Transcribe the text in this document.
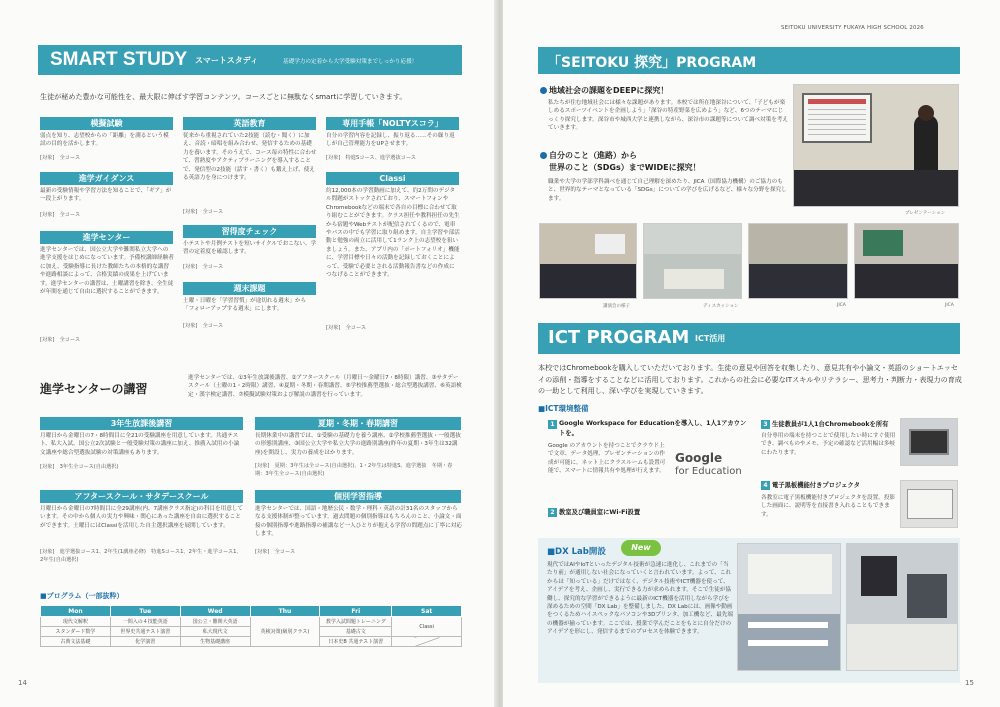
SMART STUDY スマートスタディ	基礎学力の定着から大学受験対策までしっかり応援！
生徒が秘めた豊かな可能性を、最大限に伸ばす学習コンテンツ。コースごとに無駄なくsmartに学習していきます。
模擬試験
弱点を知り、志望校からの「距離」を測るという模試の目的を活かします。
[対象]　全コース
進学ガイダンス
最新の受験情報や学習方法を知ることで、「ギア」が一段上がります。
[対象]　全コース
進学センター
進学センターでは、国公立大学や難関私立大学への進学支援をはじめになっています。予備校講師経験者に加え、受験指導に長けた教師たちの本格的な講習や進路相談によって、合格実績の成果を上げています。進学センターの講習は、土曜講習を除き、全生徒が年間を通じて自由に選択することができます。
[対象]　全コース
英語教育
従来から重視されていた2技能（読む・聞く）に加え、音読・暗唱を組み合わせ、発信するための基礎力を養います。そのうえで、コース毎の特性に合わせて、習熟度やアクティブラーニングを導入することで、発信型の2技能（話す・書く）も鍛え上げ、使える英語力を身につけます。
[対象]　全コース
習得度チェック
小テストや月例テストを短いサイクルでおこない、学習の定着度を確認します。
[対象]　全コース
週末課題
土曜・日曜を「学習習慣」が途切れる週末」から「フォローアップする週末」にします。
[対象]　全コース
専用手帳「NOLTYスコラ」
自分の学習内容を記録し、振り返る……その繰り返しが自己管理能力をUPさせます。
[対象]　特進Sコース、進学選抜コース
Classi
約12,000本の学習動画に加えて、約2万問のデジタル問題がストックされており、スマートフォンやChromebookなどの端末で各自の目標に合わせて取り組むことができます。クラス担任や教科担任の先生から宿題やWebテストが配信されてくるので、電車やバスの中でも学習に取り組めます。自主学習や部活動と勉強の両立に活用して1ランク上の志望校を狙いましょう。また、アプリ内の「ポートフォリオ」機能に、学習目標や日々の活動を記録しておくことによって、受験で必要とされる活動報告書などの作成につなげることができます。
[対象]　全コース
進学センターの講習
進学センターでは、①3年生放課後講習、②アフタースクール（月曜日～金曜日7・8時限）講習、③サタデースクール（土曜の1・2時限）講習、④夏期・冬期・春期講習、⑤学校推薦型選抜・総合型選抜講習、⑥英語検定・漢字検定講習、⑦模擬試験対策および解説の講習を行っています。
3年生放課後講習
月曜日から金曜日の7・8時間目に全21の受験講座を用意しています。共通テスト、私大入試、国公立2次試験と一般受験対策の講座に加え、推薦入試用の小論文講座や総合型選抜試験の対策講座もあります。
[対象]　3年生全コース(自由選択)
アフタースクール・サタデースクール
月曜日から金曜日の7時間目に全29講座(内、7講座クラス指定)の科目を用意しています。その中から個人の実力や興味・関心にあった講座を自由に選択することができます。土曜日にはClassiを活用した自主選択講座を展開しています。
[対象]　進学選抜コース1、2年生(1講座必修)　特進Sコース1、2年生・進学コース1、2年生(自由選択)
夏期・冬期・春期講習
長期休業中の講習では、①受験の基礎力を養う講座、②学校推薦型選抜・一般選抜の形態別講座、③国公立大学や私立大学の進路別講座(昨年の夏期・3年生は32講座)を開設し、実力の養成をはかります。
[対象]　夏期：3年生は全コース(自由選択)、1・2年生は特進S、進学選抜　冬期・春期：3年生全コース(自由選択)
個別学習指導
進学センターでは、国語・地歴公民・数学・理科・英語の計31名のスタッフからなる支援体制が整っています。過去問題の個別指導はもちろんのこと、小論文・面接の個別指導や進路指導の補講など一人ひとりが抱える学習の問題点に丁寧に対応します。
[対象]　全コース
■プログラム（一部抜粋）
Mon	Tue	Wed	Thu	Fri	Sat
現代文解釈	一問入の４技能英語	国公立・難関大英語	英検対策(級別クラス)	教学入試問題トレーニング	Classi
スタンダード数学	世界史共通テスト演習	私大現代文		基礎古文	
古典文法基礎	化学演習	生物基礎講座		日本史B 共通テスト演習	
14
SEITOKU UNIVERSITY FUKAYA HIGH SCHOOL 2026
「SEITOKU 探究」PROGRAM
地域社会の課題をDEEPに探究！
私たちが住む地域社会には様々な課題があります。本校では所在地深谷について、「子どもが楽しめるスポーツイベントを企画しよう」「深谷の特産野菜を広めよう」など、6つのテーマにじっくり探究します。深谷市や城西大学と連携しながら、深谷市の課題等について調べ対策を考えていきます。
自分のこと（進路）から
世界のこと（SDGs）までWIDEに探究！
職業や大学の学部学科調べを通じて自己理解を深めたり、JICA（国際協力機構）のご協力のもと、世界的なテーマとなっている「SDGs」についての学びを広げるなど、様々な分野を探究します。
プレゼンテーション
講演会の様子	ディスカッション	JICA	JICA
ICT PROGRAM ICT活用
本校ではChromebookを購入していただいております。生徒の意見や回答を収集したり、意見共有や小論文・英語のショートエッセイの添削・指導をすることなどに活用しております。これからの社会に必要なITスキルやリテラシー、思考力・判断力・表現力の育成の一助として利用し、深い学びを実現していきます。
■ICT環境整備
1 Google Workspace for Educationを導入し、1人1アカウントを。
Google のアカウントを持つことでクラウド上で文章、データ処理、プレゼンテーションの作成が可能に。ネット上にクラスルームも設置可能で、スマートに情報共有や処理が行えます。
Google
for Education
2 教室及び職員室にWi-Fi設置
3 生徒教員が1人1台Chromebookを所有
自分専用の端末を持つことで使用したい時にすぐ使用でき、調べものやメモ、予定の確認など活用幅は多岐にわたります。
4 電子黒板機能付きプロジェクタ
各教室に電子黒板機能付きプロジェクタを設置。投影した画面に、説明等を直接書き入れることもできます。
■DX Lab開設	New
現代ではAIやIoTといったデジタル技術が急速に進化し、これまでの「当たり前」が通用しない社会になっていくと言われています。よって、これからは「知っている」だけではなく、デジタル技術やICT機器を使って、アイデアを考え、企画し、実行できる力が求められます。そこで生徒が協働し、探究的な学習ができるように最新のICT機器を活用しながら学びを深めるための空間「DX Lab」を整備しました。DX Labには、画像や動画をつくるためハイスペックなパソコンや3Dプリンタ、加工機など、最先端の機器が揃っています。ここでは、授業で学んだことをもとに自分だけのアイデアを形にし、発信するまでのプロセスを体験できます。
15
